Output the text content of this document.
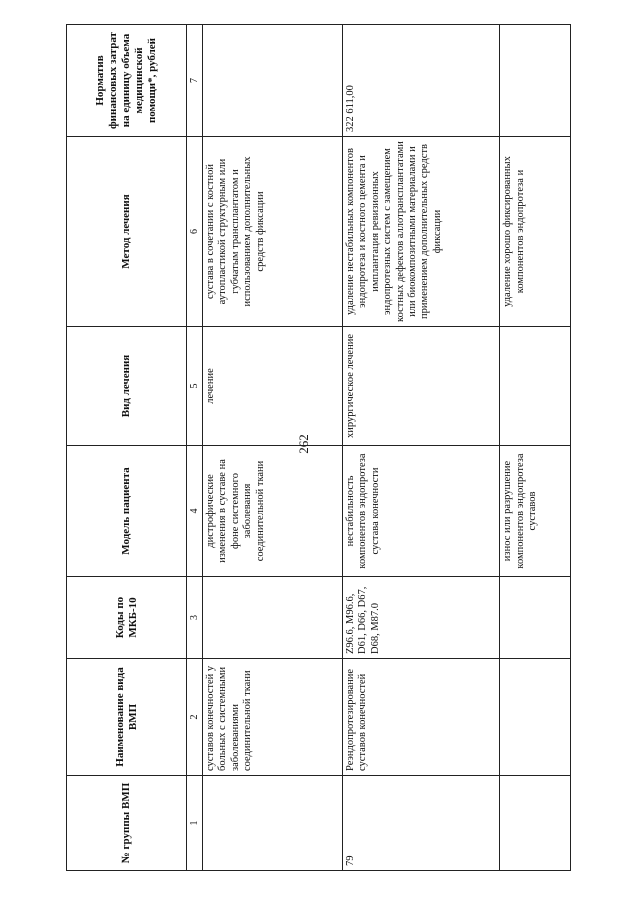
262
№ группы ВМП	Наименование вида ВМП	Коды по МКБ-10	Модель пациента	Вид лечения	Метод лечения	Норматив финансовых затрат на единицу объема медицинской помощи*, рублей
1	2	3	4	5	6	7
	суставов конечностей у больных с системными заболеваниями соединительной ткани		дистрофические изменения в суставе на фоне системного заболевания соединительной ткани	лечение	сустава в сочетании с костной аутопластикой структурным или губчатым трансплантатом и использованием дополнительных средств фиксации	
79	Реэндопротезирование суставов конечностей	Z96.6, M96.6, D61, D66, D67, D68, M87.0	нестабильность компонентов эндопротеза сустава конечности	хирургическое лечение	удаление нестабильных компонентов эндопротеза и костного цемента и имплантация ревизионных эндопротезных систем с замещением костных дефектов аллотрансплантатами или биокомпозитными материалами и применением дополнительных средств фиксации	322 611,00
			износ или разрушение компонентов эндопротеза суставов		удаление хорошо фиксированных компонентов эндопротеза и	
